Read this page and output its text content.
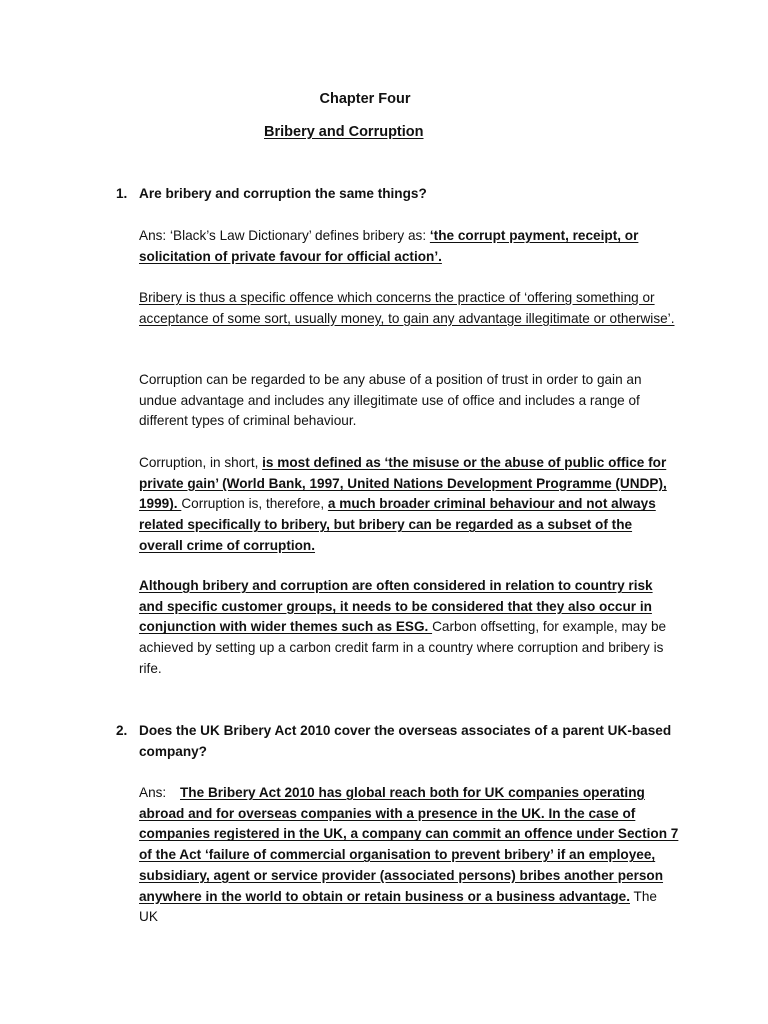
Chapter Four
Bribery and Corruption
1. Are bribery and corruption the same things?

Ans: ‘Black’s Law Dictionary’ defines bribery as: ‘the corrupt payment, receipt, or solicitation of private favour for official action’.

Bribery is thus a specific offence which concerns the practice of ‘offering something or acceptance of some sort, usually money, to gain any advantage illegitimate or otherwise’.

Corruption can be regarded to be any abuse of a position of trust in order to gain an undue advantage and includes any illegitimate use of office and includes a range of different types of criminal behaviour.

Corruption, in short, is most defined as ‘the misuse or the abuse of public office for private gain’ (World Bank, 1997, United Nations Development Programme (UNDP), 1999). Corruption is, therefore, a much broader criminal behaviour and not always related specifically to bribery, but bribery can be regarded as a subset of the overall crime of corruption.

Although bribery and corruption are often considered in relation to country risk and specific customer groups, it needs to be considered that they also occur in conjunction with wider themes such as ESG. Carbon offsetting, for example, may be achieved by setting up a carbon credit farm in a country where corruption and bribery is rife.

2. Does the UK Bribery Act 2010 cover the overseas associates of a parent UK-based company?

Ans: The Bribery Act 2010 has global reach both for UK companies operating abroad and for overseas companies with a presence in the UK. In the case of companies registered in the UK, a company can commit an offence under Section 7 of the Act ‘failure of commercial organisation to prevent bribery’ if an employee, subsidiary, agent or service provider (associated persons) bribes another person anywhere in the world to obtain or retain business or a business advantage. The UK
